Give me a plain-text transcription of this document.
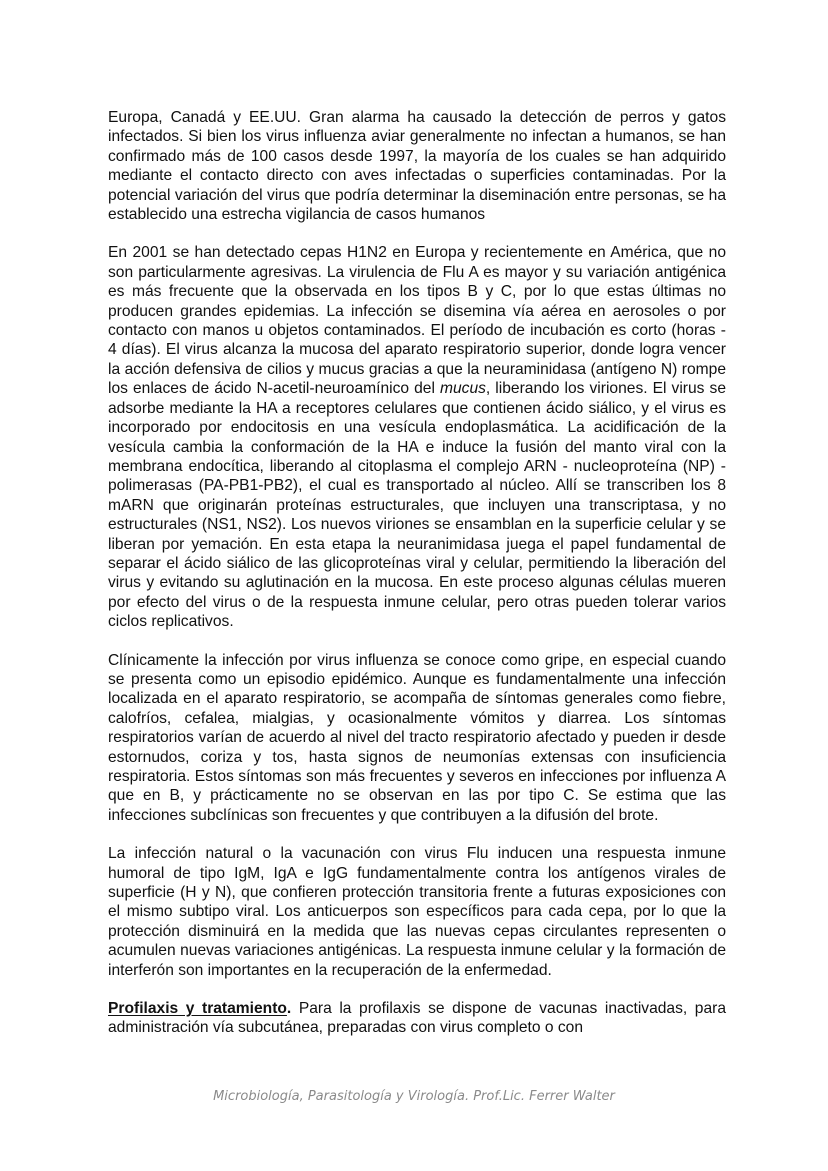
Europa, Canadá y EE.UU. Gran alarma ha causado la detección de perros y gatos infectados. Si bien los virus influenza aviar generalmente no infectan a humanos, se han confirmado más de 100 casos desde 1997, la mayoría de los cuales se han adquirido mediante el contacto directo con aves infectadas o superficies contaminadas. Por la potencial variación del virus que podría determinar la diseminación entre personas, se ha establecido una estrecha vigilancia de casos humanos

En 2001 se han detectado cepas H1N2 en Europa y recientemente en América, que no son particularmente agresivas. La virulencia de Flu A es mayor y su variación antigénica es más frecuente que la observada en los tipos B y C, por lo que estas últimas no producen grandes epidemias. La infección se disemina vía aérea en aerosoles o por contacto con manos u objetos contaminados. El período de incubación es corto (horas - 4 días). El virus alcanza la mucosa del aparato respiratorio superior, donde logra vencer la acción defensiva de cilios y mucus gracias a que la neuraminidasa (antígeno N) rompe los enlaces de ácido N-acetil-neuroamínico del mucus, liberando los viriones. El virus se adsorbe mediante la HA a receptores celulares que contienen ácido siálico, y el virus es incorporado por endocitosis en una vesícula endoplasmática. La acidificación de la vesícula cambia la conformación de la HA e induce la fusión del manto viral con la membrana endocítica, liberando al citoplasma el complejo ARN - nucleoproteína (NP) - polimerasas (PA-PB1-PB2), el cual es transportado al núcleo. Allí se transcriben los 8 mARN que originarán proteínas estructurales, que incluyen una transcriptasa, y no estructurales (NS1, NS2). Los nuevos viriones se ensamblan en la superficie celular y se liberan por yemación. En esta etapa la neuranimidasa juega el papel fundamental de separar el ácido siálico de las glicoproteínas viral y celular, permitiendo la liberación del virus y evitando su aglutinación en la mucosa. En este proceso algunas células mueren por efecto del virus o de la respuesta inmune celular, pero otras pueden tolerar varios ciclos replicativos.

Clínicamente la infección por virus influenza se conoce como gripe, en especial cuando se presenta como un episodio epidémico. Aunque es fundamentalmente una infección localizada en el aparato respiratorio, se acompaña de síntomas generales como fiebre, calofríos, cefalea, mialgias, y ocasionalmente vómitos y diarrea. Los síntomas respiratorios varían de acuerdo al nivel del tracto respiratorio afectado y pueden ir desde estornudos, coriza y tos, hasta signos de neumonías extensas con insuficiencia respiratoria. Estos síntomas son más frecuentes y severos en infecciones por influenza A que en B, y prácticamente no se observan en las por tipo C. Se estima que las infecciones subclínicas son frecuentes y que contribuyen a la difusión del brote.

La infección natural o la vacunación con virus Flu inducen una respuesta inmune humoral de tipo IgM, IgA e IgG fundamentalmente contra los antígenos virales de superficie (H y N), que confieren protección transitoria frente a futuras exposiciones con el mismo subtipo viral. Los anticuerpos son específicos para cada cepa, por lo que la protección disminuirá en la medida que las nuevas cepas circulantes representen o acumulen nuevas variaciones antigénicas. La respuesta inmune celular y la formación de interferón son importantes en la recuperación de la enfermedad.

Profilaxis y tratamiento. Para la profilaxis se dispone de vacunas inactivadas, para administración vía subcutánea, preparadas con virus completo o con

Microbiología, Parasitología y Virología. Prof.Lic. Ferrer Walter
